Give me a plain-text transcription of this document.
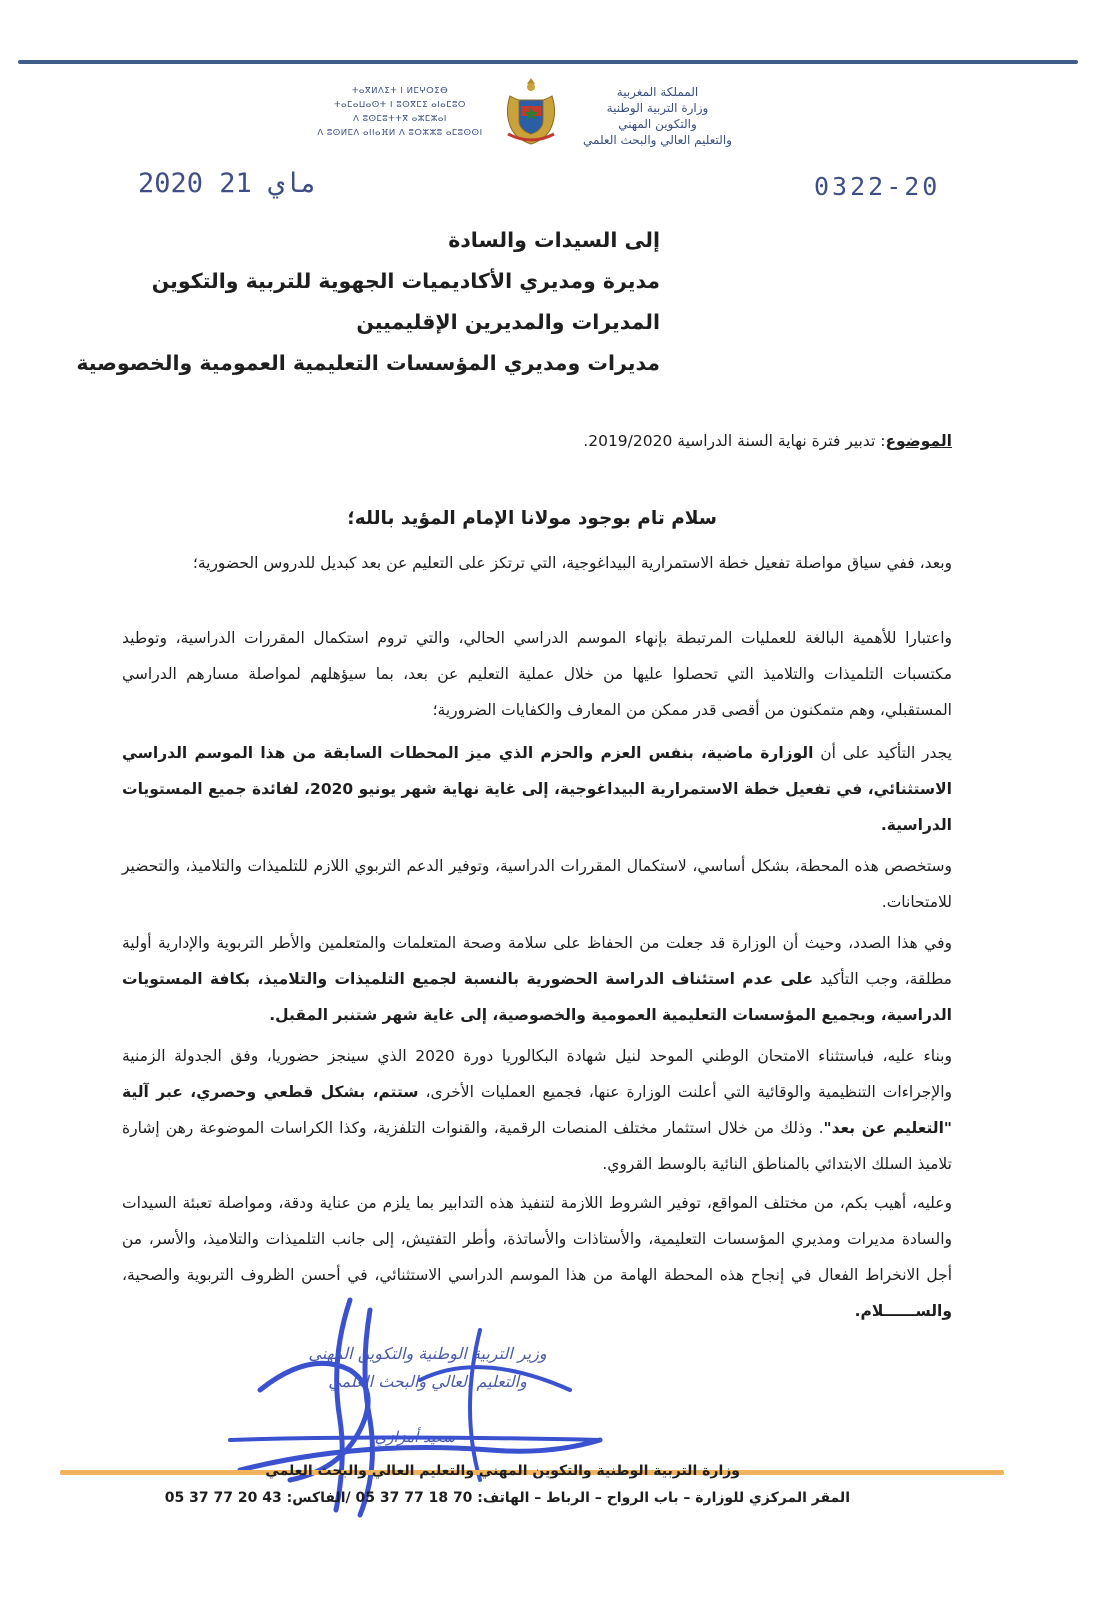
المملكة المغربية
وزارة التربية الوطنية
والتكوين المهني
والتعليم العالي والبحث العلمي
ⵜⴰⴳⵍⴷⵉⵜ ⵏ ⵍⵎⵖⵔⵉⴱ
ⵜⴰⵎⴰⵡⴰⵙⵜ ⵏ ⵓⵙⴳⵎⵉ ⴰⵏⴰⵎⵓⵔ
ⴷ ⵓⵙⵎⵓⵜⵜⴳ ⴰⵣⵎⵣⴰⵏ
ⴷ ⵓⵙⵍⵎⴷ ⴰⵏⵏⴰⴼⵍ ⴷ ⵓⵔⵣⵣⵓ ⴰⵎⵓⵙⵙⵏ
2020 ماي 21	0322-20
إلى السيدات والسادة
مديرة ومديري الأكاديميات الجهوية للتربية والتكوين
المديرات والمديرين الإقليميين
مديرات ومديري المؤسسات التعليمية العمومية والخصوصية
الموضوع: تدبير فترة نهاية السنة الدراسية 2019/2020.
سلام تام بوجود مولانا الإمام المؤيد بالله؛
وبعد، ففي سياق مواصلة تفعيل خطة الاستمرارية البيداغوجية، التي ترتكز على التعليم عن بعد كبديل للدروس الحضورية؛
واعتبارا للأهمية البالغة للعمليات المرتبطة بإنهاء الموسم الدراسي الحالي، والتي تروم استكمال المقررات الدراسية، وتوطيد مكتسبات التلميذات والتلاميذ التي تحصلوا عليها من خلال عملية التعليم عن بعد، بما سيؤهلهم لمواصلة مسارهم الدراسي المستقبلي، وهم متمكنون من أقصى قدر ممكن من المعارف والكفايات الضرورية؛
يجدر التأكيد على أن الوزارة ماضية، بنفس العزم والحزم الذي ميز المحطات السابقة من هذا الموسم الدراسي الاستثنائي، في تفعيل خطة الاستمرارية البيداغوجية، إلى غاية نهاية شهر يونيو 2020، لفائدة جميع المستويات الدراسية.
وستخصص هذه المحطة، بشكل أساسي، لاستكمال المقررات الدراسية، وتوفير الدعم التربوي اللازم للتلميذات والتلاميذ، والتحضير للامتحانات.
وفي هذا الصدد، وحيث أن الوزارة قد جعلت من الحفاظ على سلامة وصحة المتعلمات والمتعلمين والأطر التربوية والإدارية أولية مطلقة، وجب التأكيد على عدم استئناف الدراسة الحضورية بالنسبة لجميع التلميذات والتلاميذ، بكافة المستويات الدراسية، وبجميع المؤسسات التعليمية العمومية والخصوصية، إلى غاية شهر شتنبر المقبل.
وبناء عليه، فباستثناء الامتحان الوطني الموحد لنيل شهادة البكالوريا دورة 2020 الذي سينجز حضوريا، وفق الجدولة الزمنية والإجراءات التنظيمية والوقائية التي أعلنت الوزارة عنها، فجميع العمليات الأخرى، ستتم، بشكل قطعي وحصري، عبر آلية "التعليم عن بعد". وذلك من خلال استثمار مختلف المنصات الرقمية، والقنوات التلفزية، وكذا الكراسات الموضوعة رهن إشارة تلاميذ السلك الابتدائي بالمناطق النائية بالوسط القروي.
وعليه، أهيب بكم، من مختلف المواقع، توفير الشروط اللازمة لتنفيذ هذه التدابير بما يلزم من عناية ودقة، ومواصلة تعبئة السيدات والسادة مديرات ومديري المؤسسات التعليمية، والأستاذات والأساتذة، وأطر التفتيش، إلى جانب التلميذات والتلاميذ، والأسر، من أجل الانخراط الفعال في إنجاح هذه المحطة الهامة من هذا الموسم الدراسي الاستثنائي، في أحسن الظروف التربوية والصحية، والســــــلام.
وزير التربية الوطنية والتكوين المهني
والتعليم العالي والبحث العلمي
سعيد أمزازي
وزارة التربية الوطنية والتكوين المهني والتعليم العالي والبحث العلمي
المقر المركزي للوزارة – باب الرواح – الرباط – الهاتف: 70 18 77 37 05 /الفاكس: 43 20 77 37 05
